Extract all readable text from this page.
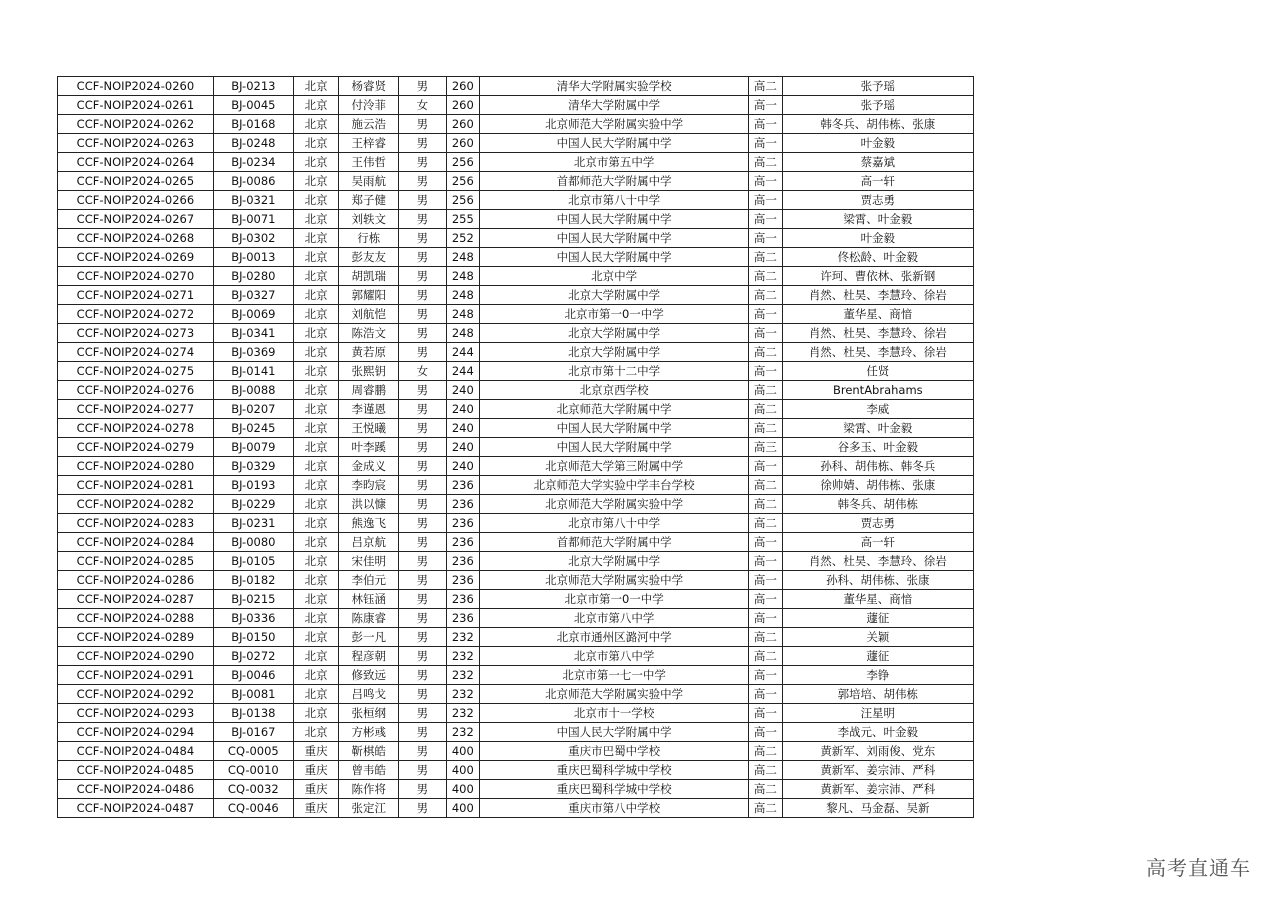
CCF-NOIP2024-0260	BJ-0213	北京	杨睿贤	男	260	清华大学附属实验学校	高二	张予瑶
CCF-NOIP2024-0261	BJ-0045	北京	付泠菲	女	260	清华大学附属中学	高一	张予瑶
CCF-NOIP2024-0262	BJ-0168	北京	施云浩	男	260	北京师范大学附属实验中学	高一	韩冬兵、胡伟栋、张康
CCF-NOIP2024-0263	BJ-0248	北京	王梓睿	男	260	中国人民大学附属中学	高一	叶金毅
CCF-NOIP2024-0264	BJ-0234	北京	王伟哲	男	256	北京市第五中学	高二	蔡嘉斌
CCF-NOIP2024-0265	BJ-0086	北京	吴雨航	男	256	首都师范大学附属中学	高一	高一轩
CCF-NOIP2024-0266	BJ-0321	北京	郑子健	男	256	北京市第八十中学	高一	贾志勇
CCF-NOIP2024-0267	BJ-0071	北京	刘轶文	男	255	中国人民大学附属中学	高一	梁霄、叶金毅
CCF-NOIP2024-0268	BJ-0302	北京	行栋	男	252	中国人民大学附属中学	高一	叶金毅
CCF-NOIP2024-0269	BJ-0013	北京	彭友友	男	248	中国人民大学附属中学	高二	佟松龄、叶金毅
CCF-NOIP2024-0270	BJ-0280	北京	胡凯瑞	男	248	北京中学	高二	许珂、曹依林、张新钢
CCF-NOIP2024-0271	BJ-0327	北京	郭耀阳	男	248	北京大学附属中学	高二	肖然、杜昊、李慧玲、徐岩
CCF-NOIP2024-0272	BJ-0069	北京	刘航恺	男	248	北京市第一0一中学	高一	董华星、商愔
CCF-NOIP2024-0273	BJ-0341	北京	陈浩文	男	248	北京大学附属中学	高一	肖然、杜昊、李慧玲、徐岩
CCF-NOIP2024-0274	BJ-0369	北京	黄若原	男	244	北京大学附属中学	高二	肖然、杜昊、李慧玲、徐岩
CCF-NOIP2024-0275	BJ-0141	北京	张熙钥	女	244	北京市第十二中学	高一	任贤
CCF-NOIP2024-0276	BJ-0088	北京	周睿鹏	男	240	北京京西学校	高二	BrentAbrahams
CCF-NOIP2024-0277	BJ-0207	北京	李谨恩	男	240	北京师范大学附属中学	高二	李威
CCF-NOIP2024-0278	BJ-0245	北京	王悦曦	男	240	中国人民大学附属中学	高二	梁霄、叶金毅
CCF-NOIP2024-0279	BJ-0079	北京	叶李蹊	男	240	中国人民大学附属中学	高三	谷多玉、叶金毅
CCF-NOIP2024-0280	BJ-0329	北京	金成义	男	240	北京师范大学第三附属中学	高一	孙科、胡伟栋、韩冬兵
CCF-NOIP2024-0281	BJ-0193	北京	李昀宸	男	236	北京师范大学实验中学丰台学校	高二	徐帅婧、胡伟栋、张康
CCF-NOIP2024-0282	BJ-0229	北京	洪以慷	男	236	北京师范大学附属实验中学	高二	韩冬兵、胡伟栋
CCF-NOIP2024-0283	BJ-0231	北京	熊逸飞	男	236	北京市第八十中学	高二	贾志勇
CCF-NOIP2024-0284	BJ-0080	北京	吕京航	男	236	首都师范大学附属中学	高一	高一轩
CCF-NOIP2024-0285	BJ-0105	北京	宋佳明	男	236	北京大学附属中学	高一	肖然、杜昊、李慧玲、徐岩
CCF-NOIP2024-0286	BJ-0182	北京	李伯元	男	236	北京师范大学附属实验中学	高一	孙科、胡伟栋、张康
CCF-NOIP2024-0287	BJ-0215	北京	林钰涵	男	236	北京市第一0一中学	高一	董华星、商愔
CCF-NOIP2024-0288	BJ-0336	北京	陈康睿	男	236	北京市第八中学	高一	蘧征
CCF-NOIP2024-0289	BJ-0150	北京	彭一凡	男	232	北京市通州区潞河中学	高二	关颖
CCF-NOIP2024-0290	BJ-0272	北京	程彦朝	男	232	北京市第八中学	高二	蘧征
CCF-NOIP2024-0291	BJ-0046	北京	修致远	男	232	北京市第一七一中学	高一	李铮
CCF-NOIP2024-0292	BJ-0081	北京	吕鸣戈	男	232	北京师范大学附属实验中学	高一	郭培培、胡伟栋
CCF-NOIP2024-0293	BJ-0138	北京	张桓纲	男	232	北京市十一学校	高一	汪星明
CCF-NOIP2024-0294	BJ-0167	北京	方彬彧	男	232	中国人民大学附属中学	高一	李战元、叶金毅
CCF-NOIP2024-0484	CQ-0005	重庆	靳棋皓	男	400	重庆市巴蜀中学校	高二	黄新军、刘雨俊、党东
CCF-NOIP2024-0485	CQ-0010	重庆	曾韦皓	男	400	重庆巴蜀科学城中学校	高二	黄新军、姜宗沛、严科
CCF-NOIP2024-0486	CQ-0032	重庆	陈作将	男	400	重庆巴蜀科学城中学校	高二	黄新军、姜宗沛、严科
CCF-NOIP2024-0487	CQ-0046	重庆	张定江	男	400	重庆市第八中学校	高二	黎凡、马金磊、吴新
高考直通车
